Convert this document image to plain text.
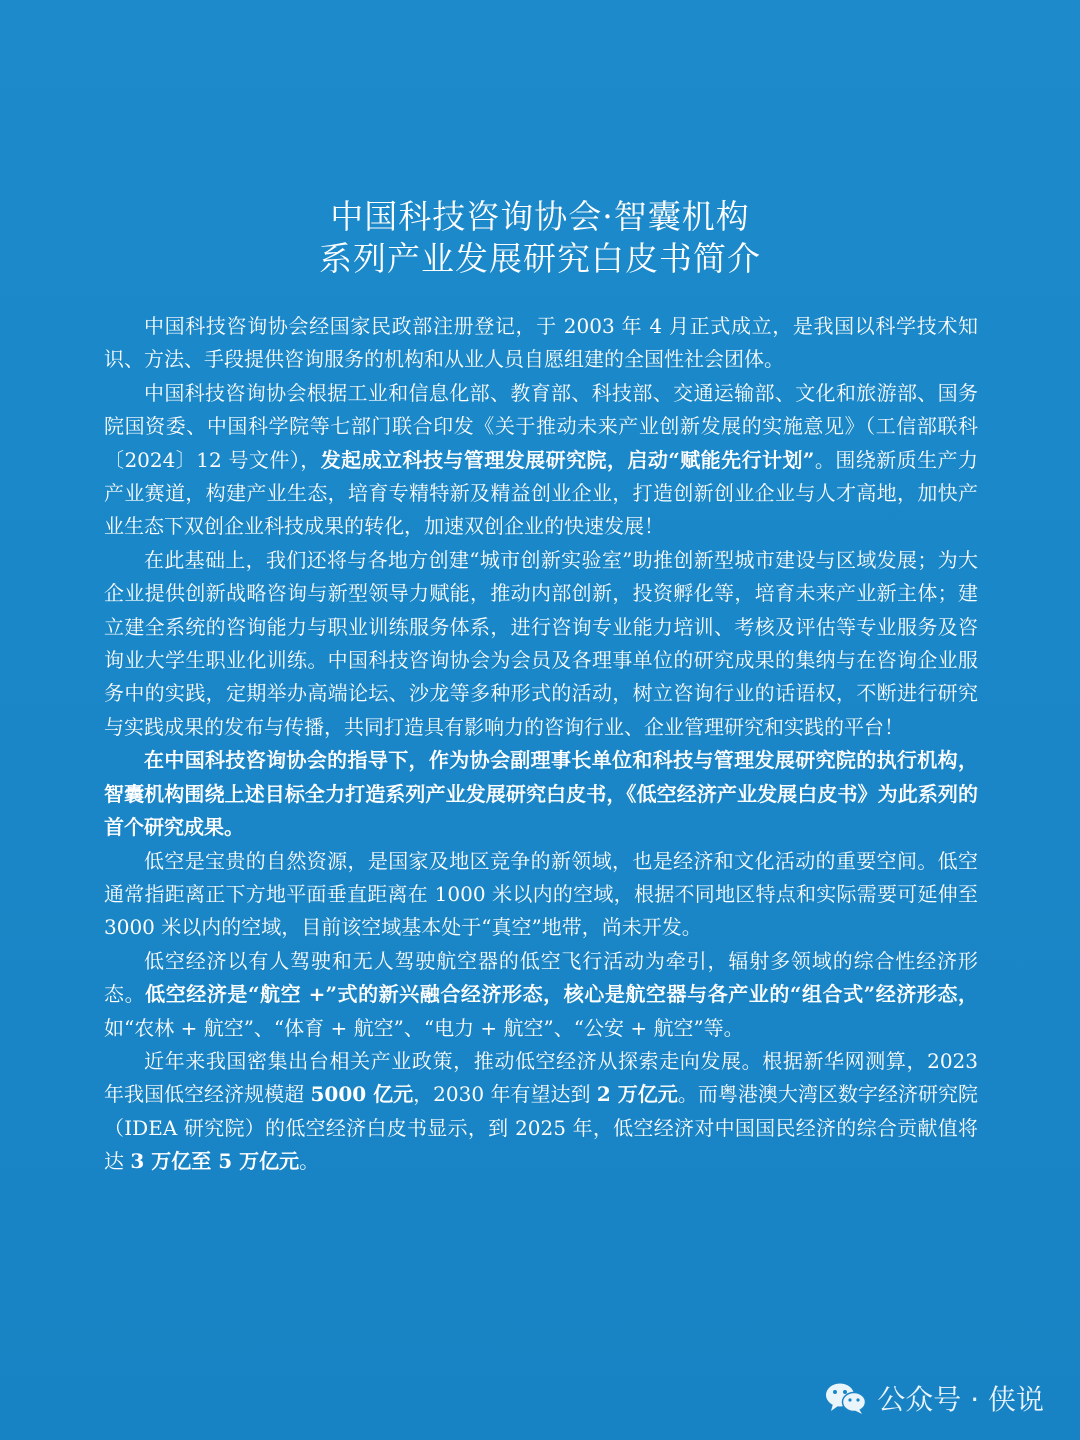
中国科技咨询协会·智囊机构
系列产业发展研究白皮书简介

中国科技咨询协会经国家民政部注册登记，于 2003 年 4 月正式成立，是我国以科学技术知识、方法、手段提供咨询服务的机构和从业人员自愿组建的全国性社会团体。

中国科技咨询协会根据工业和信息化部、教育部、科技部、交通运输部、文化和旅游部、国务院国资委、中国科学院等七部门联合印发《关于推动未来产业创新发展的实施意见》（工信部联科〔2024〕12 号文件），发起成立科技与管理发展研究院，启动“赋能先行计划”。围绕新质生产力产业赛道，构建产业生态，培育专精特新及精益创业企业，打造创新创业企业与人才高地，加快产业生态下双创企业科技成果的转化，加速双创企业的快速发展！

在此基础上，我们还将与各地方创建“城市创新实验室”助推创新型城市建设与区域发展；为大企业提供创新战略咨询与新型领导力赋能，推动内部创新，投资孵化等，培育未来产业新主体；建立建全系统的咨询能力与职业训练服务体系，进行咨询专业能力培训、考核及评估等专业服务及咨询业大学生职业化训练。中国科技咨询协会为会员及各理事单位的研究成果的集纳与在咨询企业服务中的实践，定期举办高端论坛、沙龙等多种形式的活动，树立咨询行业的话语权，不断进行研究与实践成果的发布与传播，共同打造具有影响力的咨询行业、企业管理研究和实践的平台！

在中国科技咨询协会的指导下，作为协会副理事长单位和科技与管理发展研究院的执行机构，智囊机构围绕上述目标全力打造系列产业发展研究白皮书，《低空经济产业发展白皮书》为此系列的首个研究成果。

低空是宝贵的自然资源，是国家及地区竞争的新领域，也是经济和文化活动的重要空间。低空通常指距离正下方地平面垂直距离在 1000 米以内的空域，根据不同地区特点和实际需要可延伸至 3000 米以内的空域，目前该空域基本处于“真空”地带，尚未开发。

低空经济以有人驾驶和无人驾驶航空器的低空飞行活动为牵引，辐射多领域的综合性经济形态。低空经济是“航空 +”式的新兴融合经济形态，核心是航空器与各产业的“组合式”经济形态，如“农林 + 航空”、“体育 + 航空”、“电力 + 航空”、“公安 + 航空”等。

近年来我国密集出台相关产业政策，推动低空经济从探索走向发展。根据新华网测算，2023 年我国低空经济规模超 5000 亿元，2030 年有望达到 2 万亿元。而粤港澳大湾区数字经济研究院（IDEA 研究院）的低空经济白皮书显示，到 2025 年，低空经济对中国国民经济的综合贡献值将达 3 万亿至 5 万亿元。

公众号 · 侠说
